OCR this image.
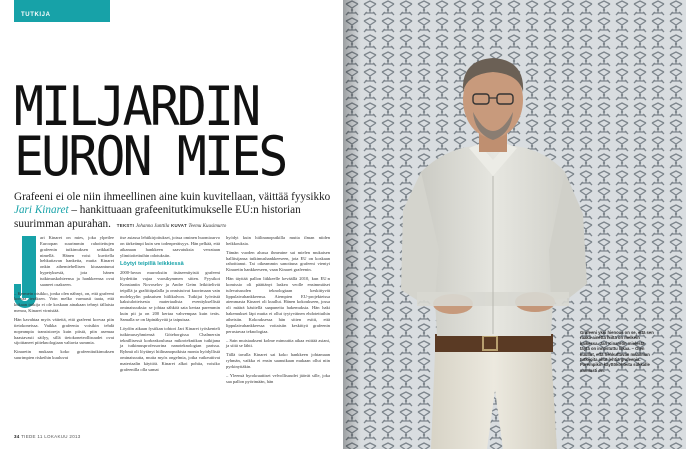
TUTKIJA
MILJARDIN
EURON MIES

Grafeeni ei ole niin ihmeellinen aine kuin kuvitellaan, väittää fyysikko Jari Kinaret – hankittuaan grafeenitutkimukselle EU:n historian suurimman apurahan. TEKSTI Johanna Junttila KUVAT Teemu Kuusimurto

ari Kinaret on mies, joka ylpeilee Euroopan suurimmin rahoitettujen grafeenin tutkimuksen seikkailla nimellä. Hänen voisi kuvitella hehkuttavan hanketta, mutta Kinaret onkin aihemiehellisen kiusaantunut hypetyksestä, jota hänen tutkimuskohteensa ja hankkeensa ovat saaneet osakseen.

– Kermein otsikko, jonka olen nähnyt, on, että grafeeni korvaa teräksen. Voin melko varmasti taata, että kukaan tutkija ei ole koskaan ainakaan tehnyt tällaista menoa, Kinaret virnistää.

Hän kavahtaa myös väitettä, että grafeeni korvaa piin tietokoneissa. Vaikka grafeenia voisikin tehdä nopeampia transistoreja kuin piistä, piin asemaa haastavasti säilyy, sillä tietokoneteollisuudet ovat sijoittaneet piiteknologiaan valtavia summia.

Kinaretin mukaan koko grafeenitutkimuksen suurimpien riskeihin kuuluvat

itse asiassa lehtikirjoitukset, joissa ominen huomioarvo on tärkeämpi kuin sen todenperäisyys. Hän pelkää, että aikanaan hankkeen saavutuksia verrataan ylimitoitettuihin odotuksiin.

Löytyi teipillä leikkiessä

2000-luvun murroksiin itsäseenityistä grafeeni löydettiin vajaa vuosikymmen sitten. Fyysikot Konstantin Novoselov ja Andre Geim leikittelivät teipillä ja grafiittipalalla ja onnistuivat kuorimaan vain molekyylin paksuisen hiilikalvon. Tutkijat lyövästä kaksiulotteisesta materiaalista eventtyksellistä ominaisuuksia: se johtaa sähköä sata kertaa paremmin kuin pii ja on 200 kertaa vahvempaa kuin teräs. Samalla se on läpinäkyvää ja taipuisaa.

Löydön aikaan fysiikan tohtori Jari Kinaret työskenteli tutkimusryhmiensä Göteborgissa Chalmersin teknillisessä korkeakoulussa mikrotekniikan tutkijana ja tutkimusprofessorina nanoteknologian parissa. Ryhmä oli löytänyt hiilinanoputkista monta hyödyllistä ominaisuutta, mutta myös ongelmia, jotka vaikeuttivat materiaalin käyttöä. Kinaret alkoi pohtia, voisiko grafeenilla olla samat

hyödyt kuin hiilinanoputkilla mutta ilman niiden heikkouksia.

Tämän vuoden alussa ihmeaine sai mielen mukaisen hallitsijansa tutkimushankkeeseen, jota EU on koskaan rahoittanut. Tai oikeammin sanottuna grafeeni vientyi Kinaretin hankkeeseen, vaan Kinaret grafeenin.

Hän täyttää pallon liikkeelle keväällä 2010, kun EU:n komissio oli päättänyt laskea veolle ensimmäiset tulevaisuuden teknologiaan keskittyvät lippulaivahankkeensa. Aiempien EU-projekteissa aiemmasta Kinaret oli kuullut. Hänen kokoukseen, jossa oli määrä käsitellä saapuneita hakemuksia. Hän haki hakemukset läpi mutta ei ollut tyytyväinen ehdotettuihin aiheisiin. Kokouksessa hän sitten esitti, että lippulaivahankkeessa voitaisiin keskittyä grafeenin perustavaa teknologiaa.

– Sain muistaakseni kolme minuuttia aikaa esittää asiani, ja siitä se lähti.

Tällä tavalla Kinaret sai koko hankkeen johtamaan ryhmän, vaikka ei ensin saanutkaan mukaan ollut niin pyrkinyttäkin.

– Yleensä byrokraattiset velvollisuudet jäävät sille, joka saa pallon pyörimään, hän

34 TIEDE 11 LOKAKUU 2013
Grafeeni yksi hienous on se, että sen raaka-ainetta hiiltä on melkein kaikessa. Jari Kinaretin mielestä täytä on innostuttu liikaa. – Olen kuullut, että hehkuttavan maailman tutkijoita ollut lehtiä grafeenia. Parempikin käyttökohteita sukkalle varmasti on.
